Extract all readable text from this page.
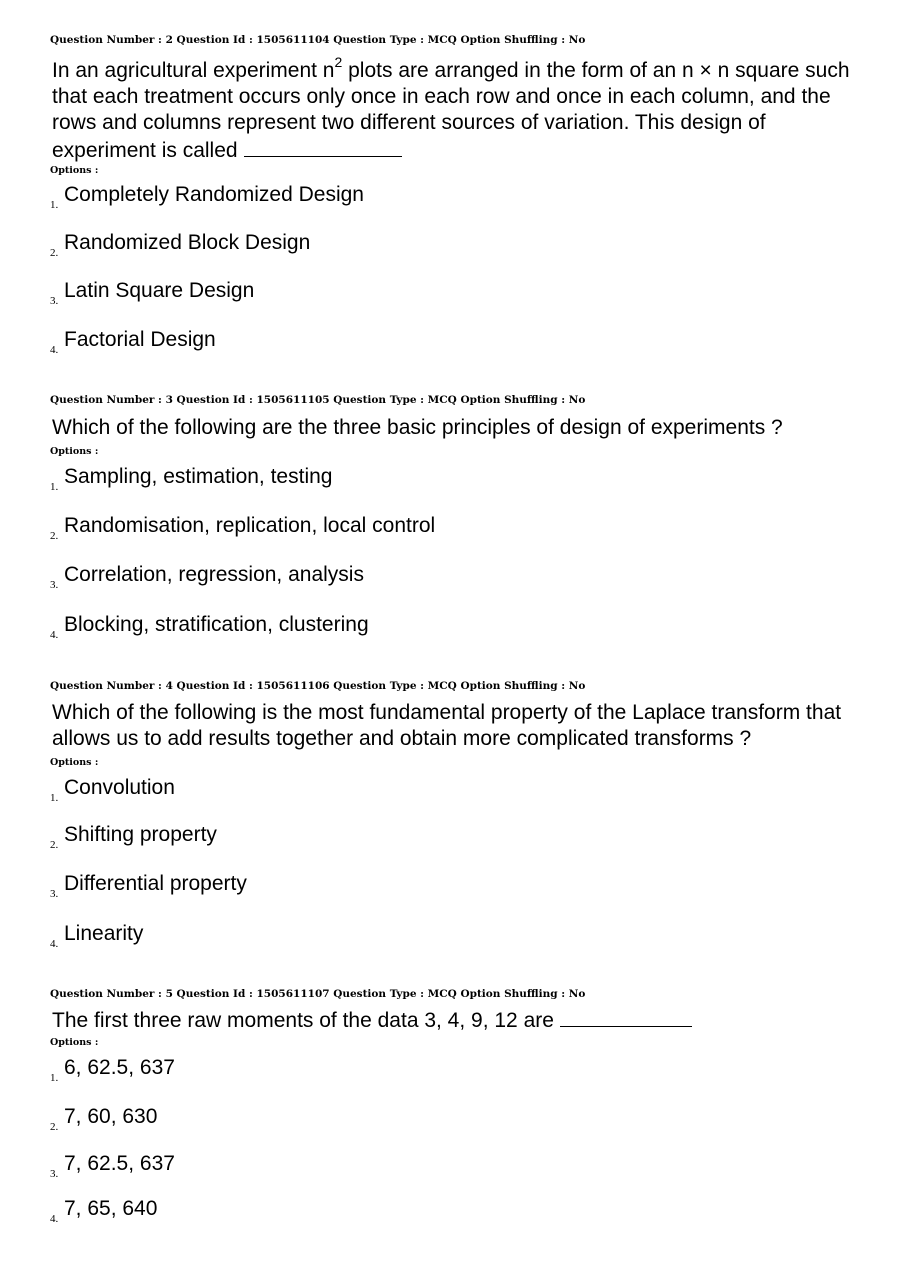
Question Number : 2 Question Id : 1505611104 Question Type : MCQ Option Shuffling : No
In an agricultural experiment $n^2$ plots are arranged in the form of an n × n square such that each treatment occurs only once in each row and once in each column, and the rows and columns represent two different sources of variation. This design of experiment is called
Options :
1. Completely Randomized Design
2. Randomized Block Design
3. Latin Square Design
4. Factorial Design
Question Number : 3 Question Id : 1505611105 Question Type : MCQ Option Shuffling : No
Which of the following are the three basic principles of design of experiments ?
Options :
1. Sampling, estimation, testing
2. Randomisation, replication, local control
3. Correlation, regression, analysis
4. Blocking, stratification, clustering
Question Number : 4 Question Id : 1505611106 Question Type : MCQ Option Shuffling : No
Which of the following is the most fundamental property of the Laplace transform that allows us to add results together and obtain more complicated transforms ?
Options :
1. Convolution
2. Shifting property
3. Differential property
4. Linearity
Question Number : 5 Question Id : 1505611107 Question Type : MCQ Option Shuffling : No
The first three raw moments of the data 3, 4, 9, 12 are
Options :
1. 6, 62.5, 637
2. 7, 60, 630
3. 7, 62.5, 637
4. 7, 65, 640
